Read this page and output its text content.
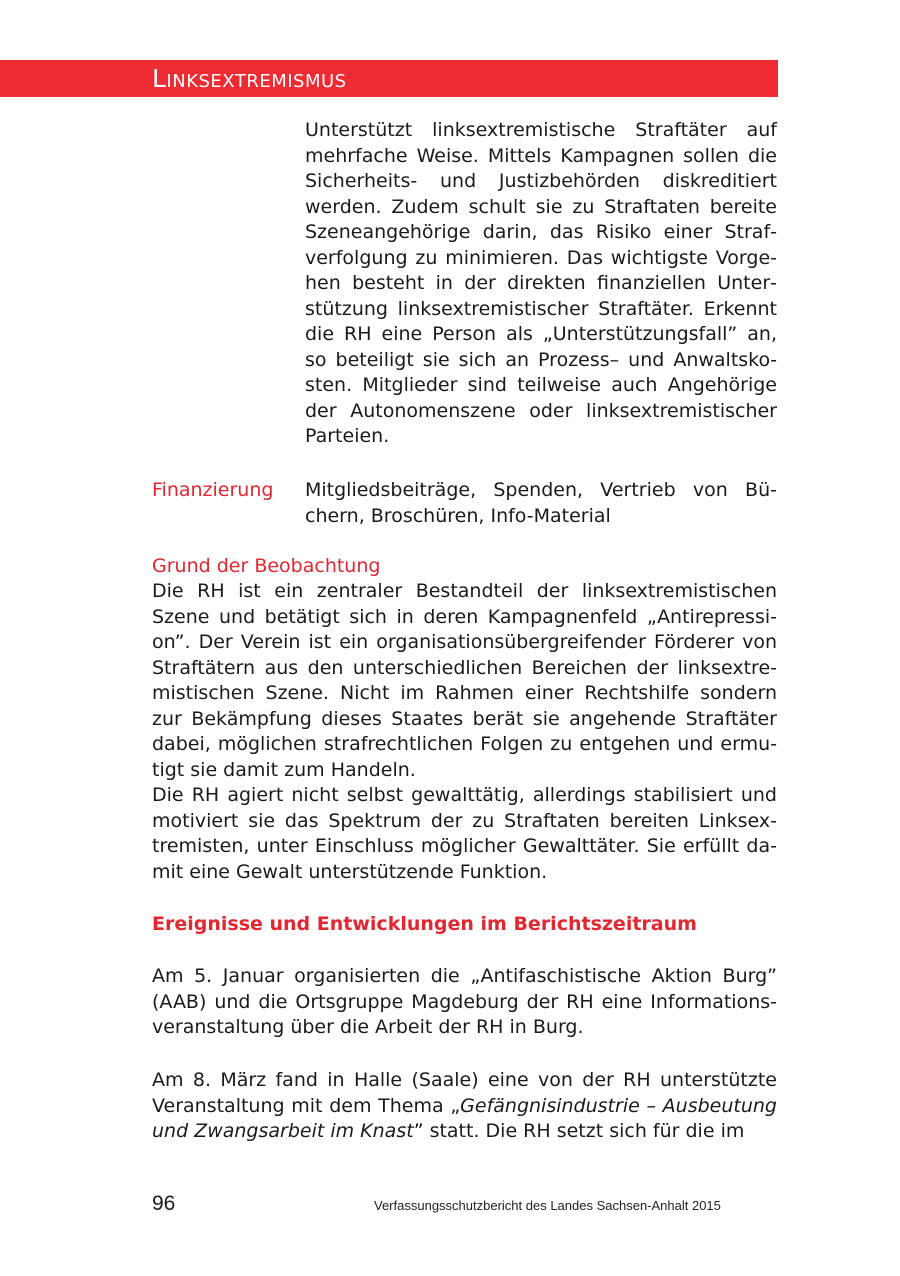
Linksextremismus

Unterstützt linksextremistische Straftäter auf mehrfache Weise. Mittels Kampagnen sollen die Sicherheits- und Justizbehörden diskreditiert werden. Zudem schult sie zu Straftaten bereite Szeneangehörige darin, das Risiko einer Strafverfolgung zu minimieren. Das wichtigste Vorgehen besteht in der direkten finanziellen Unterstützung linksextremistischer Straftäter. Erkennt die RH eine Person als „Unterstützungsfall” an, so beteiligt sie sich an Prozess– und Anwaltskosten. Mitglieder sind teilweise auch Angehörige der Autonomenszene oder linksextremistischer Parteien.

Finanzierung Mitgliedsbeiträge, Spenden, Vertrieb von Büchern, Broschüren, Info-Material

Grund der Beobachtung
Die RH ist ein zentraler Bestandteil der linksextremistischen Szene und betätigt sich in deren Kampagnenfeld „Antirepression”. Der Verein ist ein organisationsübergreifender Förderer von Straftätern aus den unterschiedlichen Bereichen der linksextremistischen Szene. Nicht im Rahmen einer Rechtshilfe sondern zur Bekämpfung dieses Staates berät sie angehende Straftäter dabei, möglichen strafrechtlichen Folgen zu entgehen und ermutigt sie damit zum Handeln.
Die RH agiert nicht selbst gewalttätig, allerdings stabilisiert und motiviert sie das Spektrum der zu Straftaten bereiten Linksextremisten, unter Einschluss möglicher Gewalttäter. Sie erfüllt damit eine Gewalt unterstützende Funktion.
Ereignisse und Entwicklungen im Berichtszeitraum

Am 5. Januar organisierten die „Antifaschistische Aktion Burg” (AAB) und die Ortsgruppe Magdeburg der RH eine Informationsveranstaltung über die Arbeit der RH in Burg.

Am 8. März fand in Halle (Saale) eine von der RH unterstützte Veranstaltung mit dem Thema „Gefängnisindustrie – Ausbeutung und Zwangsarbeit im Knast” statt. Die RH setzt sich für die im

96	Verfassungsschutzbericht des Landes Sachsen-Anhalt 2015
